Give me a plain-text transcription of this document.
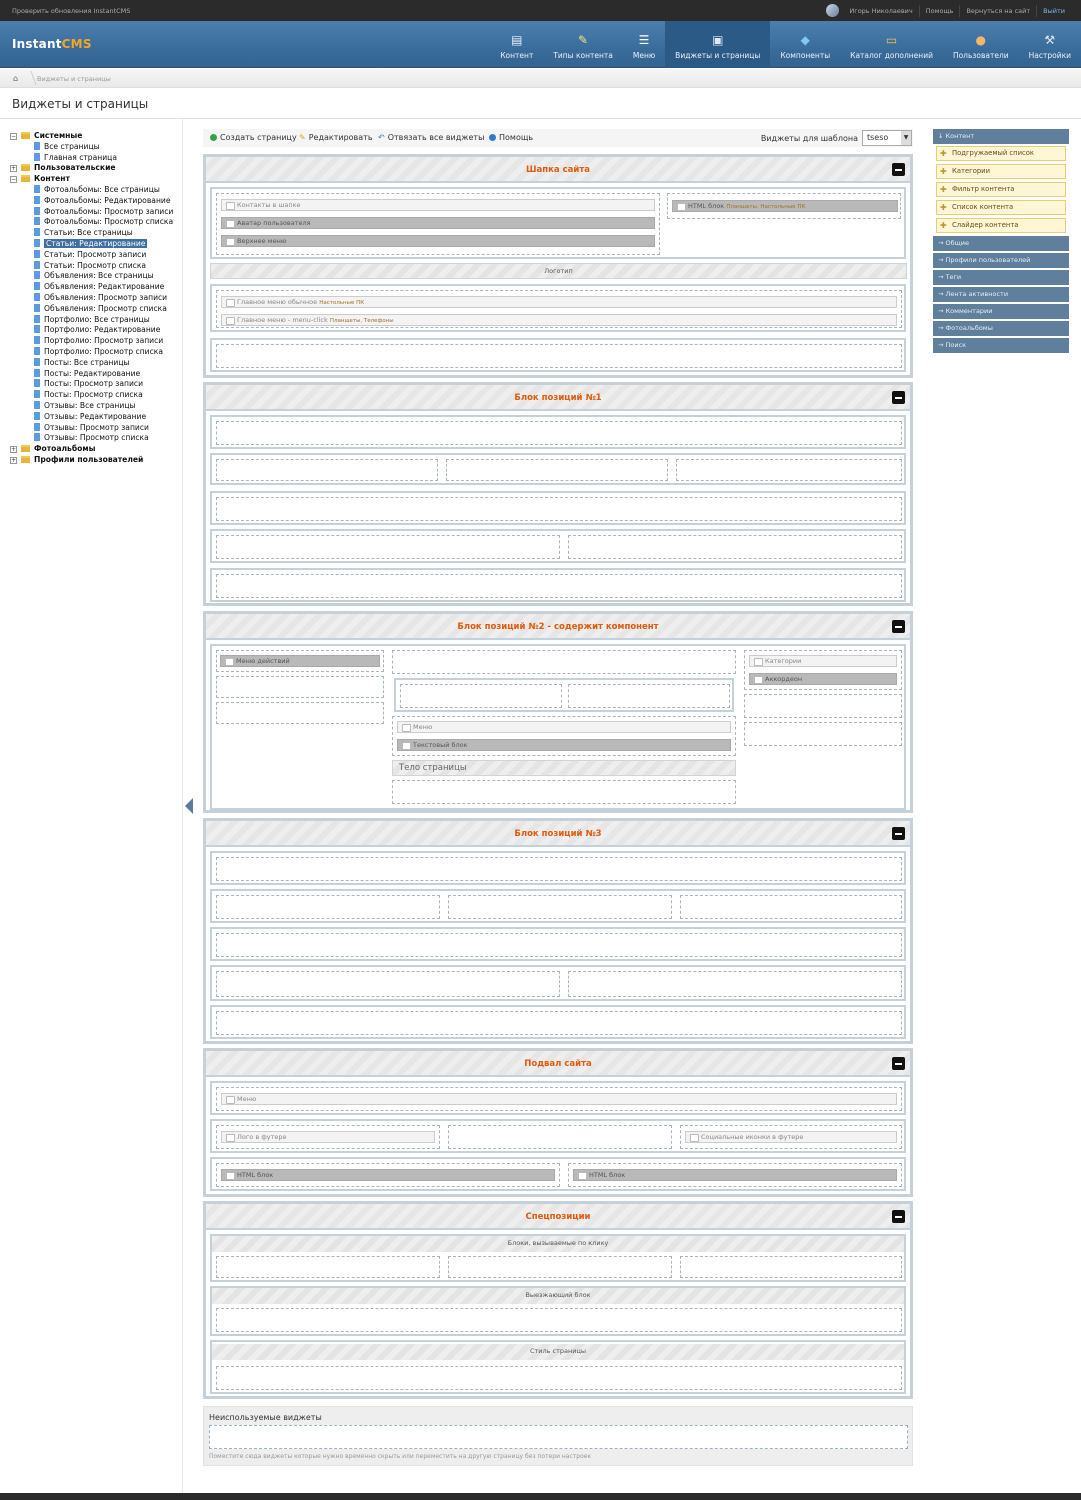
Проверить обновления InstantCMS	Игорь Николаевич	Помощь	Вернуться на сайт	Выйти
InstantCMS	▤
Контент
✎
Типы контента
☰
Меню
▣
Виджеты и страницы
◆
Компоненты
▭
Каталог дополнений
●
Пользователи
⚒
Настройки
⌂	Виджеты и страницы
Виджеты и страницы
− Системные
Все страницы
Главная страница
+ Пользовательские
− Контент
Фотоальбомы: Все страницы
Фотоальбомы: Редактирование
Фотоальбомы: Просмотр записи
Фотоальбомы: Просмотр списка
Статьи: Все страницы
Статьи: Редактирование
Статьи: Просмотр записи
Статьи: Просмотр списка
Объявления: Все страницы
Объявления: Редактирование
Объявления: Просмотр записи
Объявления: Просмотр списка
Портфолио: Все страницы
Портфолио: Редактирование
Портфолио: Просмотр записи
Портфолио: Просмотр списка
Посты: Все страницы
Посты: Редактирование
Посты: Просмотр записи
Посты: Просмотр списка
Отзывы: Все страницы
Отзывы: Редактирование
Отзывы: Просмотр записи
Отзывы: Просмотр списка
+ Фотоальбомы
+ Профили пользователей
Создать страницу ✎ Редактировать ↶ Отвязать все виджеты Помощь	Виджеты для шаблона	tseso ▼
Шапка сайта
Контакты в шапке
Аватар пользователя
Верхнее меню
HTML блок Планшеты, Настольные ПК
Логотип
Главное меню обычное Настольные ПК
Главное меню - menu-click Планшеты, Телефоны
Блок позиций №1
Блок позиций №2 - содержит компонент
Меню действий
Меню
Текстовый блок
Тело страницы
Категории
Аккордеон
Блок позиций №3
Подвал сайта
Меню
Лого в футере	Социальные иконки в футере
HTML блок	HTML блок
Спецпозиции
Блоки, вызываемые по клику
Выезжающий блок
Стиль страницы
Неиспользуемые виджеты
Поместите сюда виджеты которые нужно временно скрыть или переместить на другую страницу без потери настроек
↓ Контент
✚ Подгружаемый список
✚ Категории
✚ Фильтр контента
✚ Список контента
✚ Слайдер контента
→ Общие
→ Профили пользователей
→ Теги
→ Лента активности
→ Комментарии
→ Фотоальбомы
→ Поиск
